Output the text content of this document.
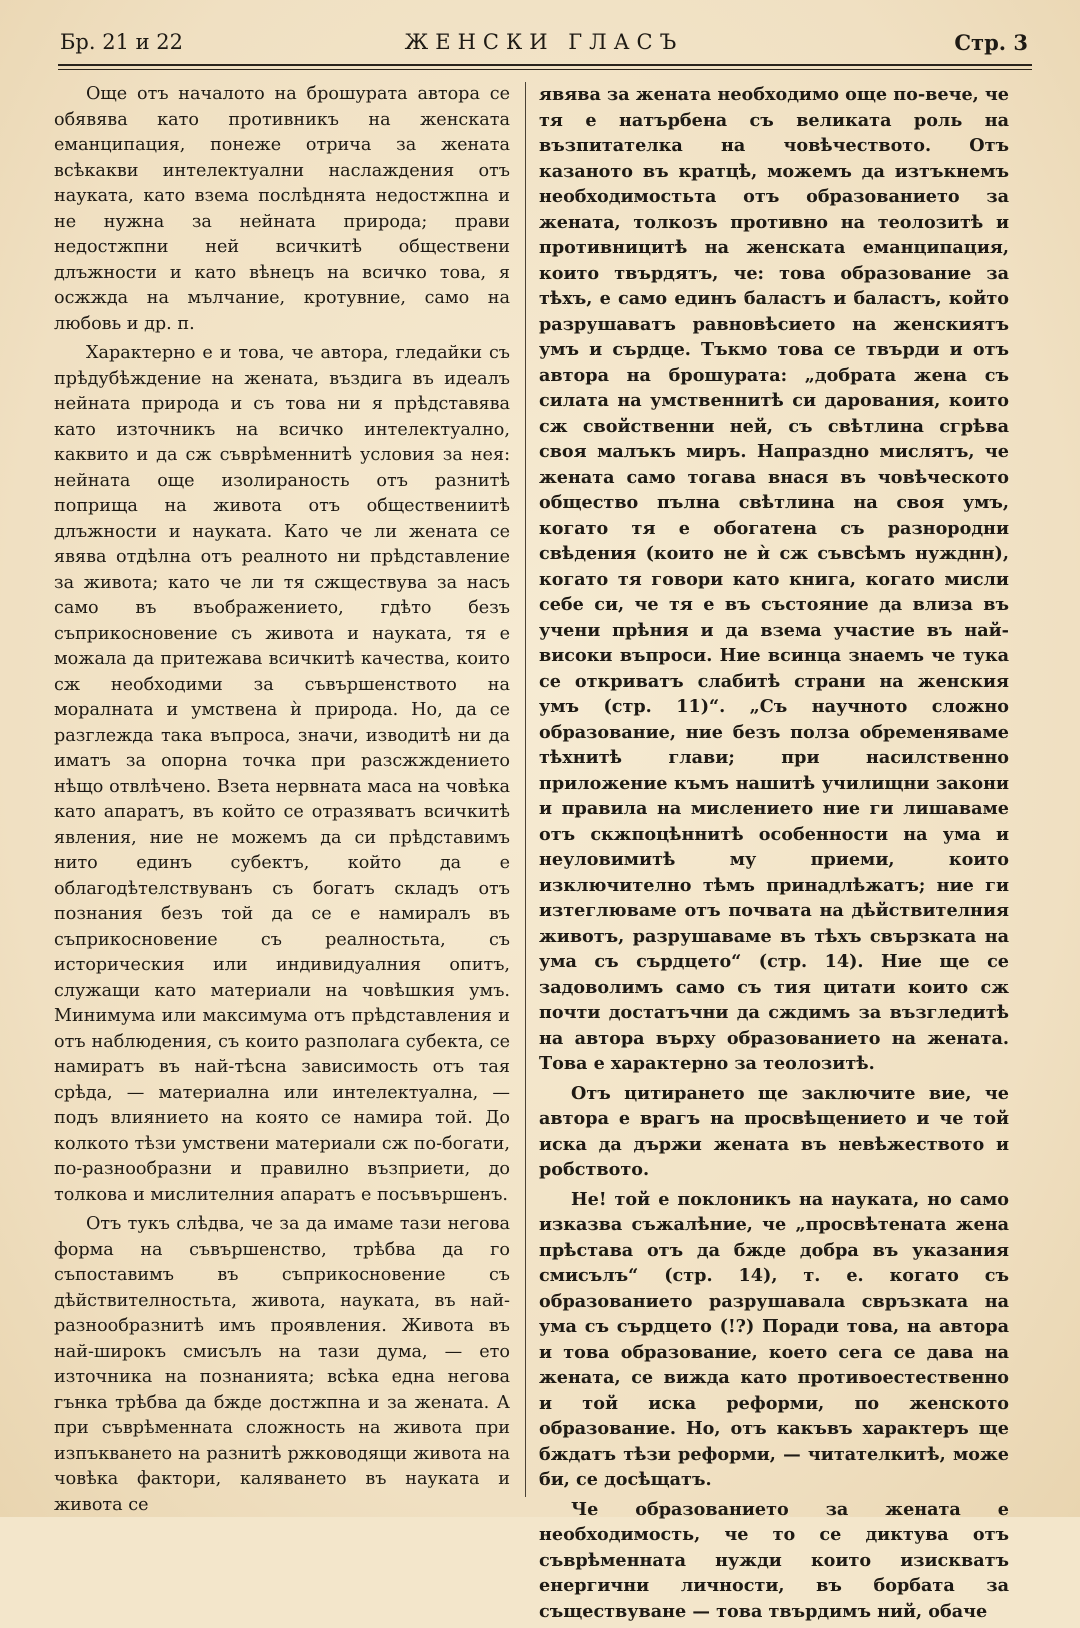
Бр. 21 и 22	ЖЕНСКИ ГЛАСЪ	Стр. 3

Още отъ началото на брошурата автора се обявява като противникъ на женската еманципация, понеже отрича за жената всѣкакви интелектуални наслаждения отъ науката, като взема послѣднята недостжпна и не нужна за нейната природа; прави недостжпни ней всичкитѣ обществени длъжности и като вѣнецъ на всичко това, я осжжда на мълчание, кротувние, само на любовь и др. п.

Характерно е и това, че автора, гледайки съ прѣдубѣждение на жената, въздига въ идеалъ нейната природа и съ това ни я прѣдставява като източникъ на всичко интелектуално, каквито и да сж съврѣменнитѣ условия за нея: нейната още изолираность отъ разнитѣ поприща на живота отъ обществениитѣ длъжности и науката. Като че ли жената се явява отдѣлна отъ реалното ни прѣдставление за живота; като че ли тя сжществува за насъ само въ въображението, гдѣто безъ съприкосновение съ живота и науката, тя е можала да притежава всичкитѣ качества, които сж необходими за съвършенството на моралната и умствена ѝ природа. Но, да се разглежда така въпроса, значи, изводитѣ ни да иматъ за опорна точка при разсжждението нѣщо отвлѣчено. Взета нервната маса на човѣка като апаратъ, въ който се отразяватъ всичкитѣ явления, ние не можемъ да си прѣдставимъ нито единъ субектъ, който да е облагодѣтелствуванъ съ богатъ складъ отъ познания безъ той да се е намиралъ въ съприкосновение съ реалностьта, съ историческия или индивидуалния опитъ, служащи като материали на човѣшкия умъ. Минимума или максимума отъ прѣдставления и отъ наблюдения, съ които разполага субекта, се намиратъ въ най-тѣсна зависимость отъ тая срѣда, — материална или интелектуална, — подъ влиянието на която се намира той. До колкото тѣзи умствени материали сж по-богати, по-разнообразни и правилно възприети, до толкова и мислителния апаратъ е посъвършенъ.

Отъ тукъ слѣдва, че за да имаме тази негова форма на съвършенство, трѣбва да го съпоставимъ въ съприкосновение съ дѣйствителностьта, живота, науката, въ най-разнообразнитѣ имъ проявления. Живота въ най-широкъ смисълъ на тази дума, — ето източника на познанията; всѣка една негова гънка трѣбва да бжде достжпна и за жената. А при съврѣменната сложность на живота при изпъкването на разнитѣ ржководящи живота на човѣка фактори, каляването въ науката и живота се

явява за жената необходимо още по-вече, че тя е натърбена съ великата роль на възпитателка на човѣчеството. Отъ казаното въ кратцѣ, можемъ да изтъкнемъ необходимостьта отъ образованието за жената, толкозъ противно на теолозитѣ и противницитѣ на женската еманципация, които твърдятъ, че: това образование за тѣхъ, е само единъ баластъ и баластъ, който разрушаватъ равновѣсието на женскиятъ умъ и сърдце. Тъкмо това се твърди и отъ автора на брошурата: „добрата жена съ силата на умственнитѣ си дарования, които сж свойственни ней, съ свѣтлина сгрѣва своя малъкъ миръ. Напраздно мислятъ, че жената само тогава внася въ човѣческото общество пълна свѣтлина на своя умъ, когато тя е обогатена съ разнородни свѣдения (които не ѝ сж съвсѣмъ нужднн), когато тя говори като книга, когато мисли себе си, че тя е въ състояние да влиза въ учени прѣния и да взема участие въ най-високи въпроси. Ние всинца знаемъ че тука се откриватъ слабитѣ страни на женския умъ (стр. 11)“. „Съ научното сложно образование, ние безъ полза обременяваме тѣхнитѣ глави; при насилственно приложение къмъ нашитѣ училищни закони и правила на мислението ние ги лишаваме отъ скжпоцѣннитѣ особенности на ума и неуловимитѣ му приеми, които изключително тѣмъ принадлѣжатъ; ние ги изтеглюваме отъ почвата на дѣйствителния животъ, разрушаваме въ тѣхъ свързката на ума съ сърдцето“ (стр. 14). Ние ще се задоволимъ само съ тия цитати които сж почти достатъчни да сждимъ за възгледитѣ на автора върху образованието на жената. Това е характерно за теолозитѣ.

Отъ цитирането ще заключите вие, че автора е врагъ на просвѣщението и че той иска да държи жената въ невѣжеството и робството.

Не! той е поклоникъ на науката, но само изказва съжалѣние, че „просвѣтената жена прѣстава отъ да бжде добра въ указания смисълъ“ (стр. 14), т. е. когато съ образованието разрушавала свръзката на ума съ сърдцето (!?) Поради това, на автора и това образование, което сега се дава на жената, се вижда като противоестественно и той иска реформи, по женското образование. Но, отъ какъвъ характеръ ще бждатъ тѣзи реформи, — читателкитѣ, може би, се досѣщатъ.

Че образованието за жената е необходимость, че то се диктува отъ съврѣменната нужди които изискватъ енергични личности, въ борбата за съществуване — това твърдимъ ний, обаче
